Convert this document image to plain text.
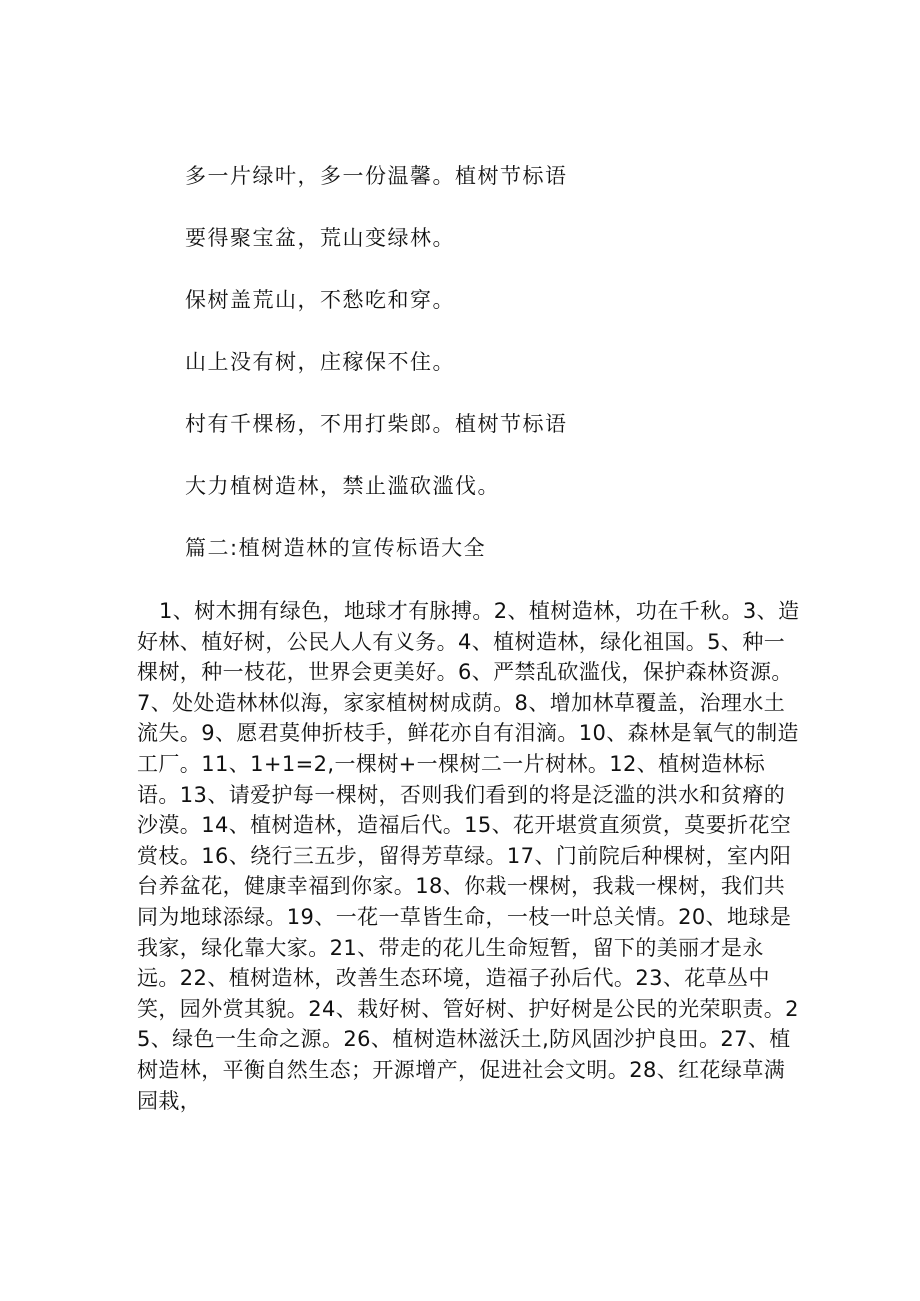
多一片绿叶，多一份温馨。植树节标语

要得聚宝盆，荒山变绿林。

保树盖荒山，不愁吃和穿。

山上没有树，庄稼保不住。

村有千棵杨，不用打柴郎。植树节标语

大力植树造林，禁止滥砍滥伐。

篇二:植树造林的宣传标语大全

1、树木拥有绿色，地球才有脉搏。2、植树造林，功在千秋。3、造好林、植好树，公民人人有义务。4、植树造林，绿化祖国。5、种一棵树，种一枝花，世界会更美好。6、严禁乱砍滥伐，保护森林资源。7、处处造林林似海，家家植树树成荫。8、增加林草覆盖，治理水土流失。9、愿君莫伸折枝手，鲜花亦自有泪滴。10、森林是氧气的制造工厂。11、1+1=2,一棵树+一棵树二一片树林。12、植树造林标语。13、请爱护每一棵树，否则我们看到的将是泛滥的洪水和贫瘠的沙漠。14、植树造林，造福后代。15、花开堪赏直须赏，莫要折花空赏枝。16、绕行三五步，留得芳草绿。17、门前院后种棵树，室内阳台养盆花，健康幸福到你家。18、你栽一棵树，我栽一棵树，我们共同为地球添绿。19、一花一草皆生命，一枝一叶总关情。20、地球是我家，绿化靠大家。21、带走的花儿生命短暂，留下的美丽才是永远。22、植树造林，改善生态环境，造福子孙后代。23、花草丛中笑，园外赏其貌。24、栽好树、管好树、护好树是公民的光荣职责。25、绿色一生命之源。26、植树造林滋沃土,防风固沙护良田。27、植树造林，平衡自然生态；开源增产，促进社会文明。28、红花绿草满园栽，
